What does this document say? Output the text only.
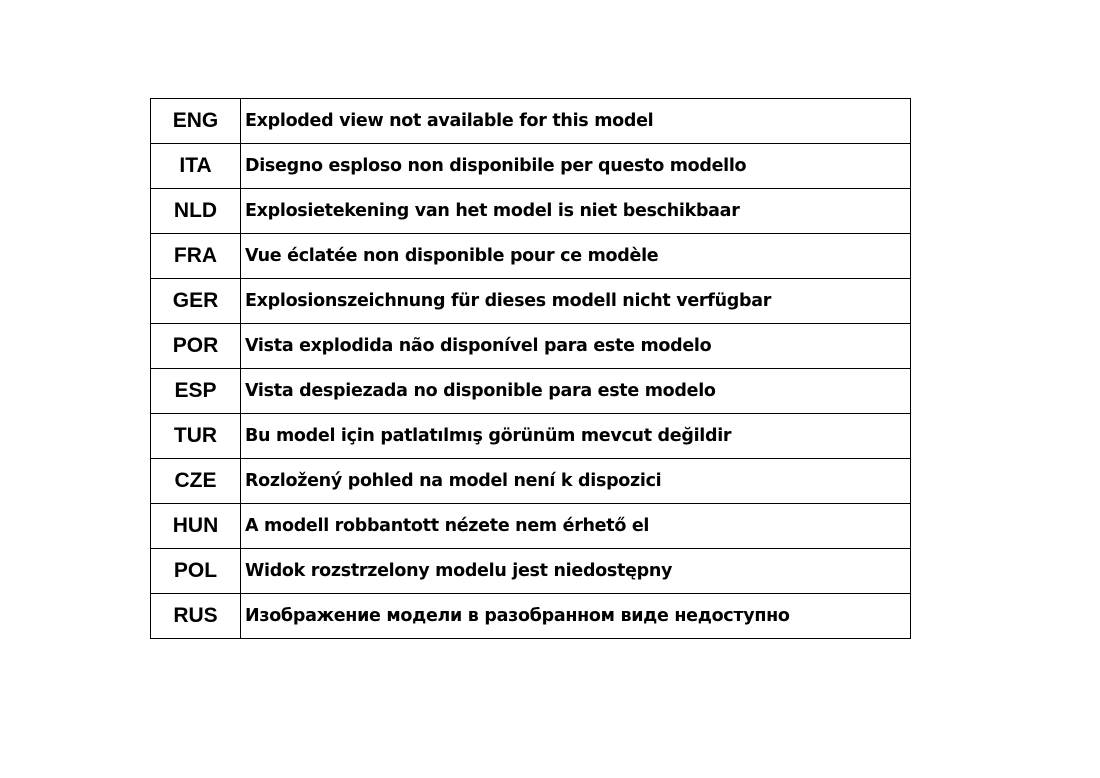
ENG	Exploded view not available for this model
ITA	Disegno esploso non disponibile per questo modello
NLD	Explosietekening van het model is niet beschikbaar
FRA	Vue éclatée non disponible pour ce modèle
GER	Explosionszeichnung für dieses modell nicht verfügbar
POR	Vista explodida não disponível para este modelo
ESP	Vista despiezada no disponible para este modelo
TUR	Bu model için patlatılmış görünüm mevcut değildir
CZE	Rozložený pohled na model není k dispozici
HUN	A modell robbantott nézete nem érhető el
POL	Widok rozstrzelony modelu jest niedostępny
RUS	Изображение модели в разобранном виде недоступно
